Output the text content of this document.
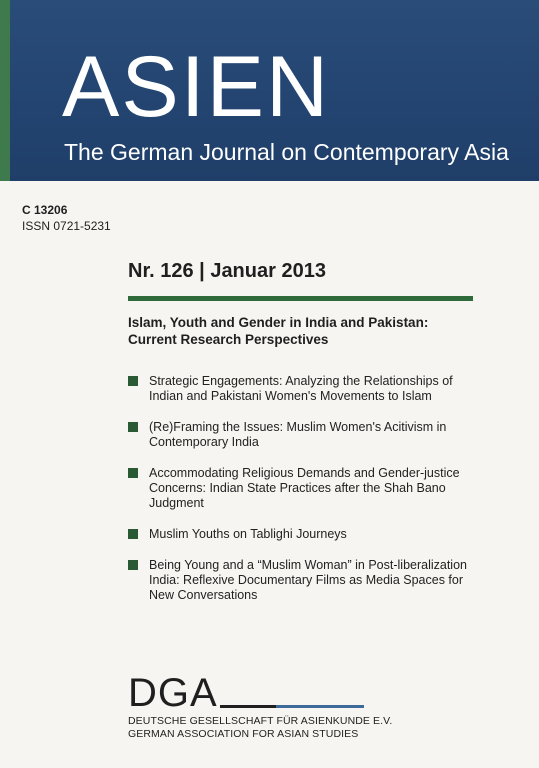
ASIEN

The German Journal on Contemporary Asia

C 13206
ISSN 0721-5231
Nr. 126 | Januar 2013
Islam, Youth and Gender in India and Pakistan:
Current Research Perspectives
Strategic Engagements: Analyzing the Relationships of Indian and Pakistani Women's Movements to Islam
(Re)Framing the Issues: Muslim Women's Acitivism in Contemporary India
Accommodating Religious Demands and Gender-justice Concerns: Indian State Practices after the Shah Bano Judgment
Muslim Youths on Tablighi Journeys
Being Young and a “Muslim Woman” in Post-liberalization India: Reflexive Documentary Films as Media Spaces for New Conversations
DGA
DEUTSCHE GESELLSCHAFT FÜR ASIENKUNDE E.V.
GERMAN ASSOCIATION FOR ASIAN STUDIES
